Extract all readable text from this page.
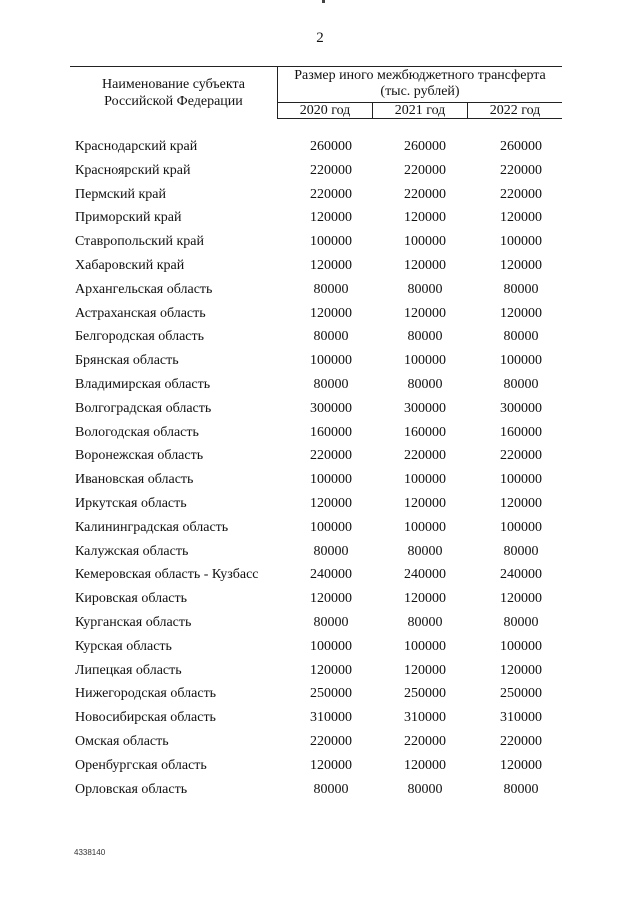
2
Наименование субъекта
Российской Федерации
Размер иного межбюджетного трансферта
(тыс. рублей)
2020 год	2021 год	2022 год
Краснодарский край	260000	260000	260000
Красноярский край	220000	220000	220000
Пермский край	220000	220000	220000
Приморский край	120000	120000	120000
Ставропольский край	100000	100000	100000
Хабаровский край	120000	120000	120000
Архангельская область	80000	80000	80000
Астраханская область	120000	120000	120000
Белгородская область	80000	80000	80000
Брянская область	100000	100000	100000
Владимирская область	80000	80000	80000
Волгоградская область	300000	300000	300000
Вологодская область	160000	160000	160000
Воронежская область	220000	220000	220000
Ивановская область	100000	100000	100000
Иркутская область	120000	120000	120000
Калининградская область	100000	100000	100000
Калужская область	80000	80000	80000
Кемеровская область - Кузбасс	240000	240000	240000
Кировская область	120000	120000	120000
Курганская область	80000	80000	80000
Курская область	100000	100000	100000
Липецкая область	120000	120000	120000
Нижегородская область	250000	250000	250000
Новосибирская область	310000	310000	310000
Омская область	220000	220000	220000
Оренбургская область	120000	120000	120000
Орловская область	80000	80000	80000
4338140
